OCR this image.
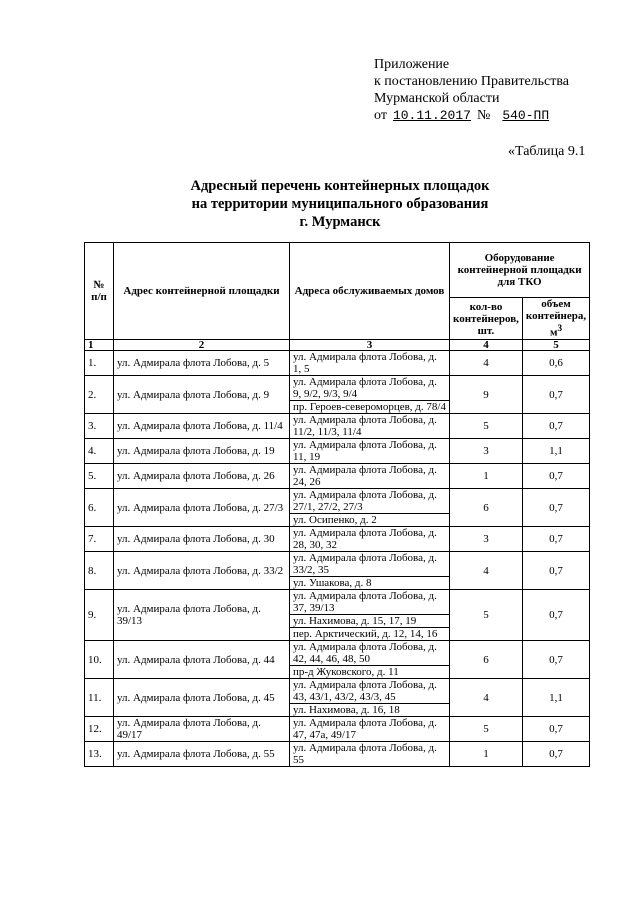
Приложение
к постановлению Правительства
Мурманской области
от 10.11.2017 № 540-ПП
«Таблица 9.1
Адресный перечень контейнерных площадок
на территории муниципального образования
г. Мурманск
№ п/п	Адрес контейнерной площадки	Адреса обслуживаемых домов	Оборудование контейнерной площадки для ТКО	
			кол-во контейнеров, шт.	объем контейнера, $м^3$
1	2	3	4	5
1.	ул. Адмирала флота Лобова, д. 5	ул. Адмирала флота Лобова, д. 1, 5	4	0,6
2.	ул. Адмирала флота Лобова, д. 9	ул. Адмирала флота Лобова, д. 9, 9/2, 9/3, 9/4	9	0,7
		пр. Героев-североморцев, д. 78/4		
3.	ул. Адмирала флота Лобова, д. 11/4	ул. Адмирала флота Лобова, д. 11/2, 11/3, 11/4	5	0,7
4.	ул. Адмирала флота Лобова, д. 19	ул. Адмирала флота Лобова, д. 11, 19	3	1,1
5.	ул. Адмирала флота Лобова, д. 26	ул. Адмирала флота Лобова, д. 24, 26	1	0,7
6.	ул. Адмирала флота Лобова, д. 27/3	ул. Адмирала флота Лобова, д. 27/1, 27/2, 27/3	6	0,7
		ул. Осипенко, д. 2		
7.	ул. Адмирала флота Лобова, д. 30	ул. Адмирала флота Лобова, д. 28, 30, 32	3	0,7
8.	ул. Адмирала флота Лобова, д. 33/2	ул. Адмирала флота Лобова, д. 33/2, 35	4	0,7
		ул. Ушакова, д. 8		
9.	ул. Адмирала флота Лобова, д. 39/13	ул. Адмирала флота Лобова, д. 37, 39/13	5	0,7
		ул. Нахимова, д. 15, 17, 19		
		пер. Арктический, д. 12, 14, 16		
10.	ул. Адмирала флота Лобова, д. 44	ул. Адмирала флота Лобова, д. 42, 44, 46, 48, 50	6	0,7
		пр-д Жуковского, д. 11		
11.	ул. Адмирала флота Лобова, д. 45	ул. Адмирала флота Лобова, д. 43, 43/1, 43/2, 43/3, 45	4	1,1
		ул. Нахимова, д. 16, 18		
12.	ул. Адмирала флота Лобова, д. 49/17	ул. Адмирала флота Лобова, д. 47, 47а, 49/17	5	0,7
13.	ул. Адмирала флота Лобова, д. 55	ул. Адмирала флота Лобова, д. 55	1	0,7
